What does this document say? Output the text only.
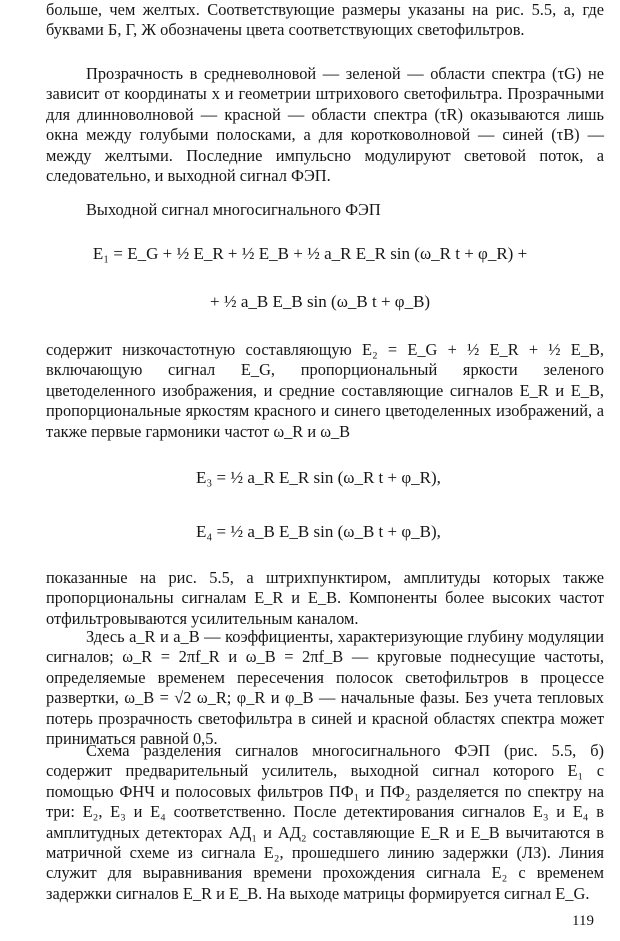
больше, чем желтых. Соответствующие размеры указаны на рис. 5.5, а, где буквами Б, Г, Ж обозначены цвета соответствующих светофильтров.

Прозрачность в средневолновой — зеленой — области спектра (τG) не зависит от координаты x и геометрии штрихового светофильтра. Прозрачными для длинноволновой — красной — области спектра (τR) оказываются лишь окна между голубыми полосками, а для коротковолновой — синей (τB) — между желтыми. Последние импульсно модулируют световой поток, а следовательно, и выходной сигнал ФЭП.

Выходной сигнал многосигнального ФЭП

E₁ = E_G + ½ E_R + ½ E_B + ½ a_R E_R sin (ω_R t + φ_R) +
+ ½ a_B E_B sin (ω_B t + φ_B)

содержит низкочастотную составляющую E₂ = E_G + ½ E_R + ½ E_B, включающую сигнал E_G, пропорциональный яркости зеленого цветоделенного изображения, и средние составляющие сигналов E_R и E_B, пропорциональные яркостям красного и синего цветоделенных изображений, а также первые гармоники частот ω_R и ω_B

E₃ = ½ a_R E_R sin (ω_R t + φ_R),
E₄ = ½ a_B E_B sin (ω_B t + φ_B),

показанные на рис. 5.5, а штрихпунктиром, амплитуды которых также пропорциональны сигналам E_R и E_B. Компоненты более высоких частот отфильтровываются усилительным каналом.

Здесь a_R и a_B — коэффициенты, характеризующие глубину модуляции сигналов; ω_R = 2πf_R и ω_B = 2πf_B — круговые поднесущие частоты, определяемые временем пересечения полосок светофильтров в процессе развертки, ω_B = √2 ω_R; φ_R и φ_B — начальные фазы. Без учета тепловых потерь прозрачность светофильтра в синей и красной областях спектра может приниматься равной 0,5.

Схема разделения сигналов многосигнального ФЭП (рис. 5.5, б) содержит предварительный усилитель, выходной сигнал которого E₁ с помощью ФНЧ и полосовых фильтров ПФ₁ и ПФ₂ разделяется по спектру на три: E₂, E₃ и E₄ соответственно. После детектирования сигналов E₃ и E₄ в амплитудных детекторах АД₁ и АД₂ составляющие E_R и E_B вычитаются в матричной схеме из сигнала E₂, прошедшего линию задержки (ЛЗ). Линия служит для выравнивания времени прохождения сигнала E₂ с временем задержки сигналов E_R и E_B. На выходе матрицы формируется сигнал E_G.

119
